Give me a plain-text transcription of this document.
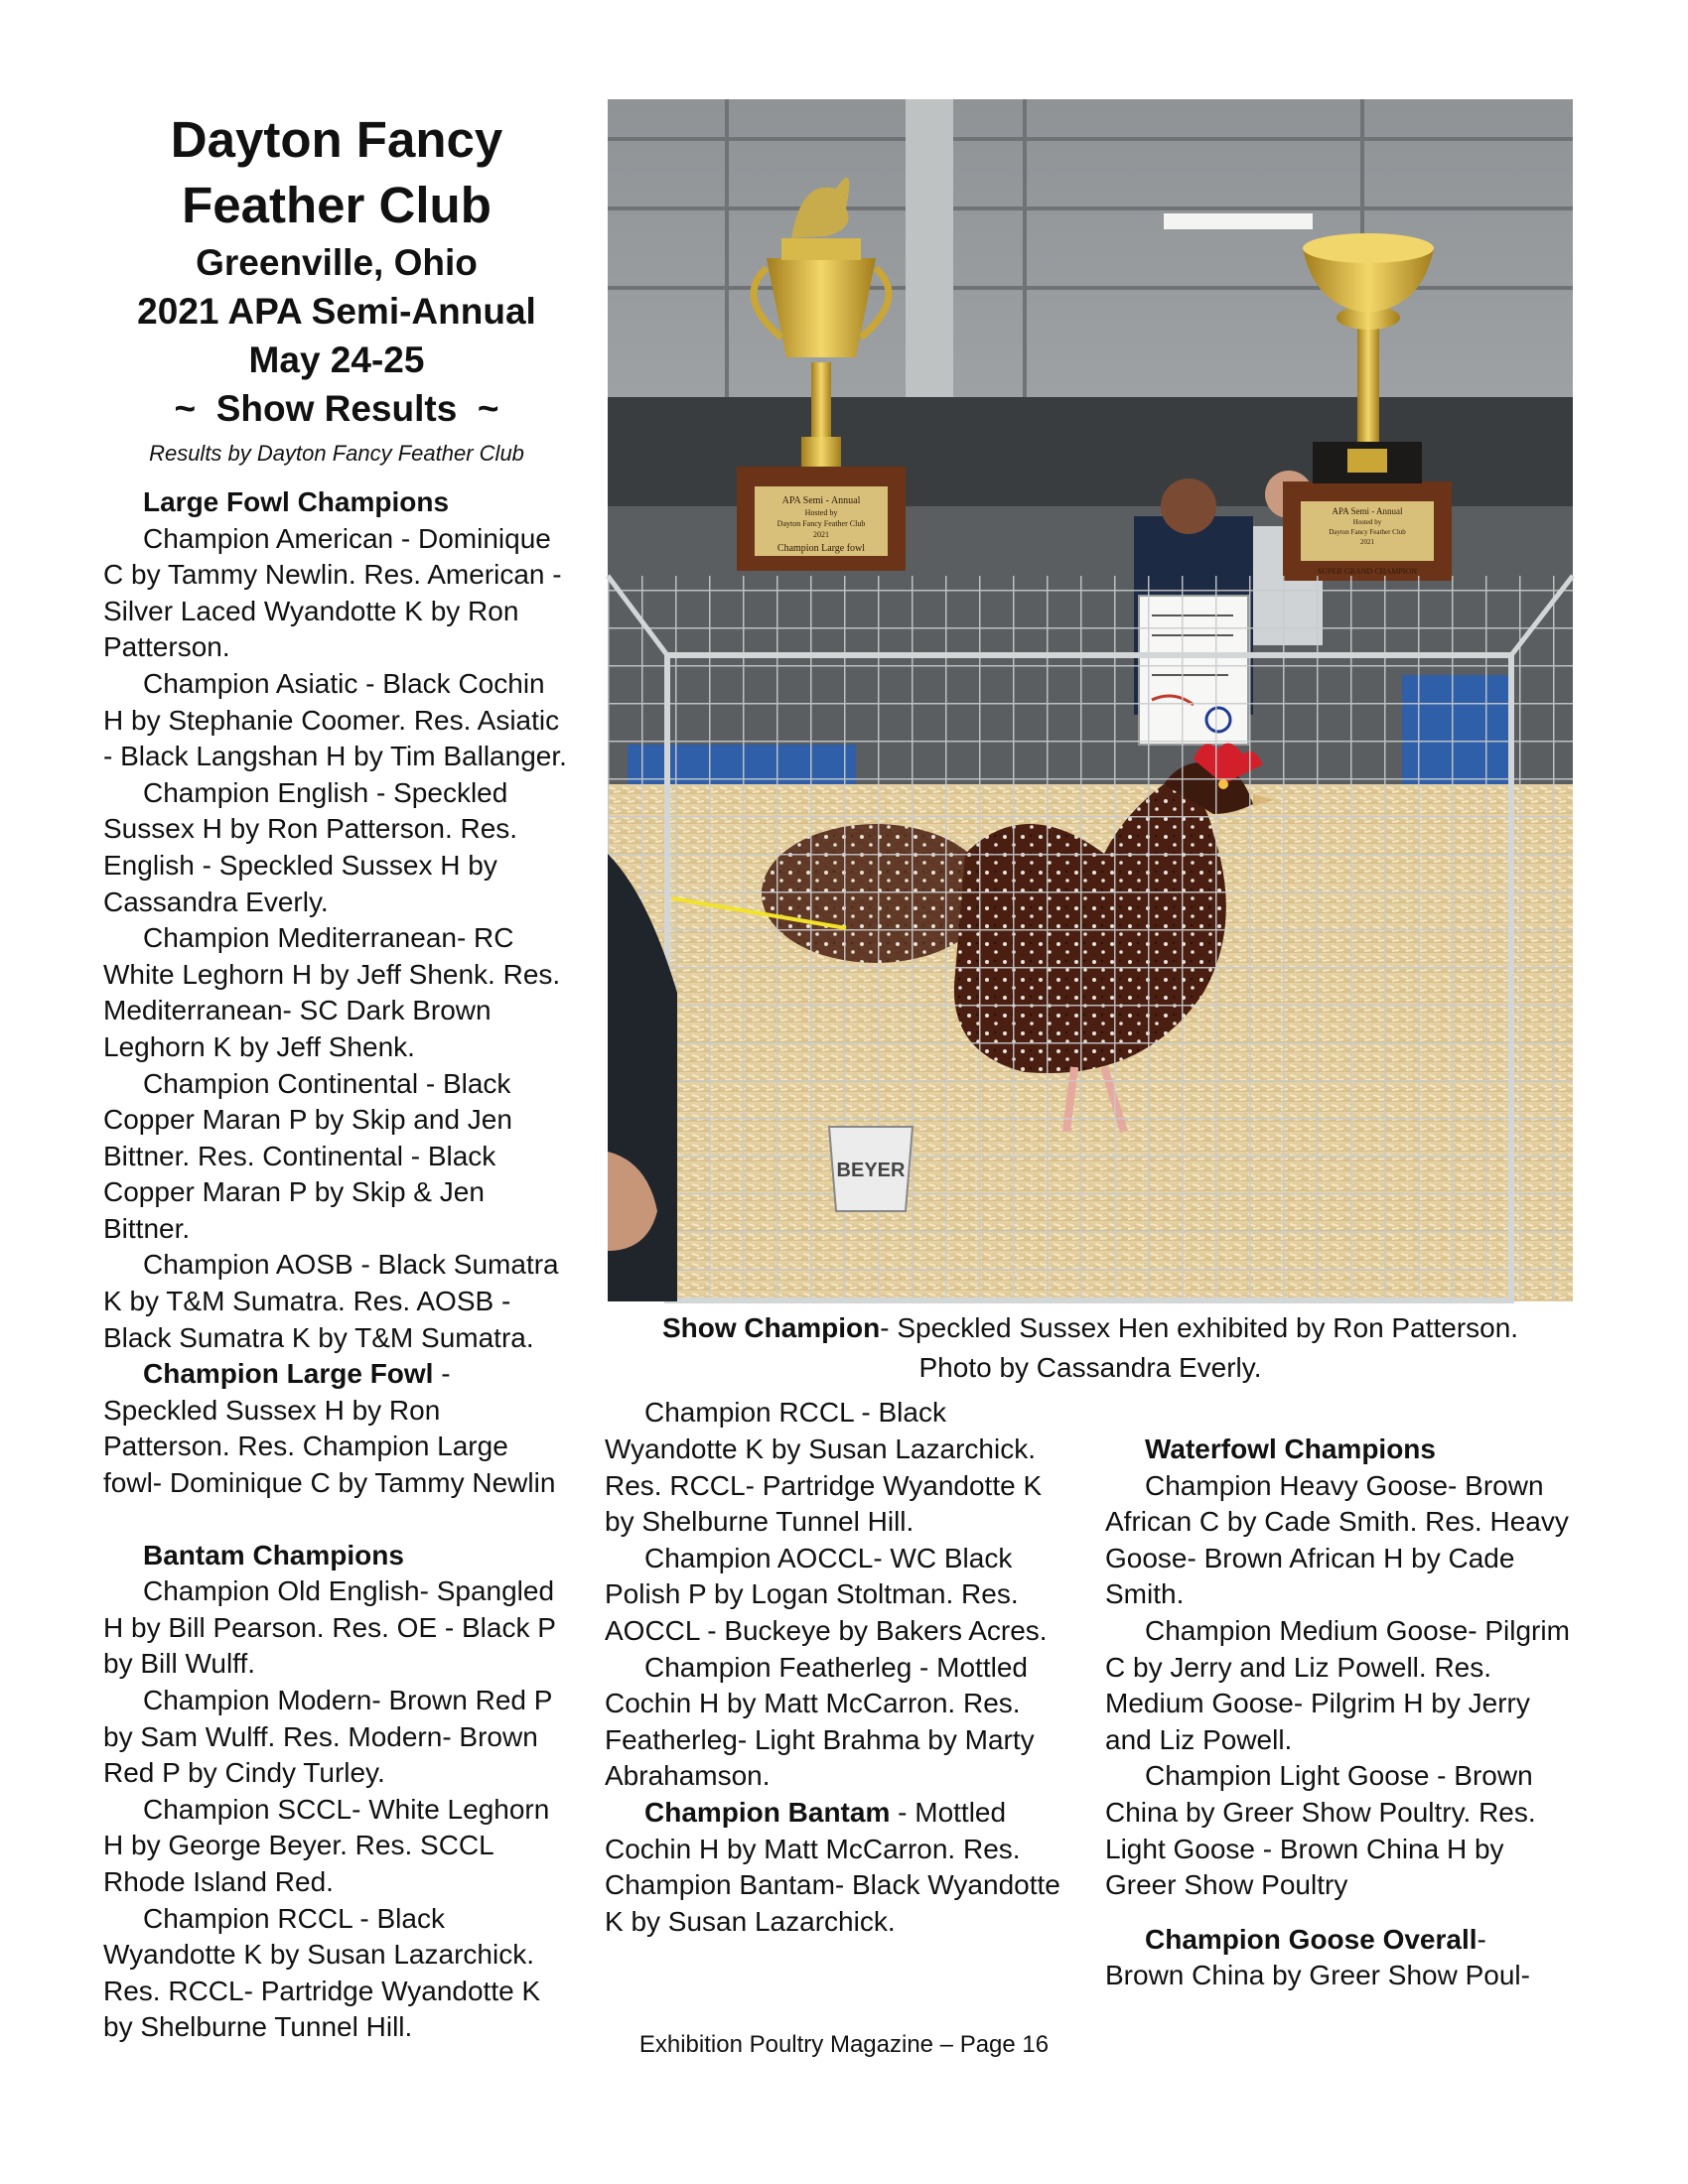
Dayton Fancy
Feather Club
Greenville, Ohio
2021 APA Semi-Annual
May 24-25
~  Show Results  ~
Results by Dayton Fancy Feather Club

Large Fowl Champions

Champion American - Dominique C by Tammy Newlin. Res. American - Silver Laced Wyandotte K by Ron Patterson.

Champion Asiatic - Black Cochin H by Stephanie Coomer. Res. Asiatic - Black Langshan H by Tim Ballanger.

Champion English - Speckled Sussex H by Ron Patterson. Res. English - Speckled Sussex H by Cassandra Everly.

Champion Mediterranean- RC White Leghorn H by Jeff Shenk. Res. Mediterranean- SC Dark Brown Leghorn K by Jeff Shenk.

Champion Continental - Black Copper Maran P by Skip and Jen Bittner. Res. Continental - Black Copper Maran P by Skip & Jen Bittner.

Champion AOSB - Black Sumatra K by T&M Sumatra. Res. AOSB - Black Sumatra K by T&M Sumatra.

Champion Large Fowl - Speckled Sussex H by Ron Patterson. Res. Champion Large fowl- Dominique C by Tammy Newlin

Bantam Champions

Champion Old English- Spangled H by Bill Pearson. Res. OE - Black P by Bill Wulff.

Champion Modern- Brown Red P by Sam Wulff. Res. Modern- Brown Red P by Cindy Turley.

Champion SCCL- White Leghorn H by George Beyer. Res. SCCL Rhode Island Red.

Champion RCCL - Black Wyandotte K by Susan Lazarchick. Res. RCCL- Partridge Wyandotte K by Shelburne Tunnel Hill.

APA Semi - Annual
Hosted by
Dayton Fancy Feather Club
2021
Champion Large fowl
APA Semi - Annual
Hosted by
Dayton Fancy Feather Club
2021
SUPER GRAND CHAMPION
BEYER
Show Champion- Speckled Sussex Hen exhibited by Ron Patterson.
Photo by Cassandra Everly.

Champion RCCL - Black Wyandotte K by Susan Lazarchick. Res. RCCL- Partridge Wyandotte K by Shelburne Tunnel Hill.

Champion AOCCL- WC Black Polish P by Logan Stoltman. Res. AOCCL - Buckeye by Bakers Acres.

Champion Featherleg - Mottled Cochin H by Matt McCarron. Res. Featherleg- Light Brahma by Marty Abrahamson.

Champion Bantam - Mottled Cochin H by Matt McCarron. Res. Champion Bantam- Black Wyandotte K by Susan Lazarchick.

Waterfowl Champions

Champion Heavy Goose- Brown African C by Cade Smith. Res. Heavy Goose- Brown African H by Cade Smith.

Champion Medium Goose- Pilgrim C by Jerry and Liz Powell. Res. Medium Goose- Pilgrim H by Jerry and Liz Powell.

Champion Light Goose - Brown China by Greer Show Poultry. Res. Light Goose - Brown China H by Greer Show Poultry

Champion Goose Overall- Brown China by Greer Show Poul-

Exhibition Poultry Magazine – Page 16
